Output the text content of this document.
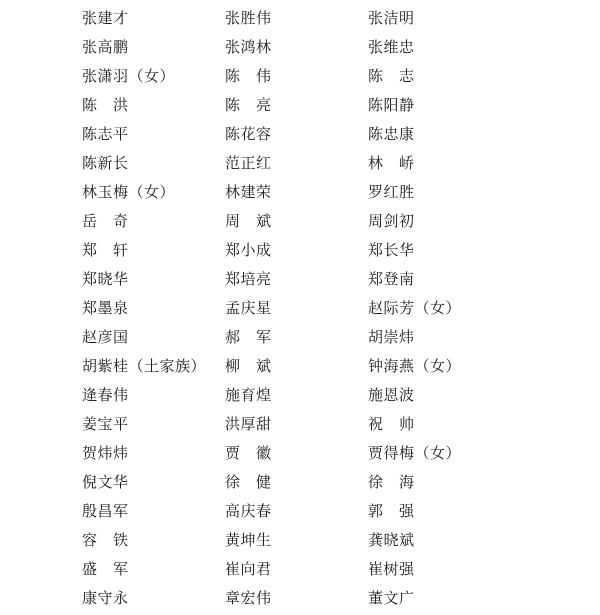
张建才	张胜伟	张洁明
张高鹏	张鸿林	张维忠
张潇羽（女）	陈　伟	陈　志
陈　洪	陈　亮	陈阳静
陈志平	陈花容	陈忠康
陈新长	范正红	林　峤
林玉梅（女）	林建荣	罗红胜
岳　奇	周　斌	周剑初
郑　轩	郑小成	郑长华
郑晓华	郑培亮	郑登南
郑墨泉	孟庆星	赵际芳（女）
赵彦国	郝　军	胡崇炜
胡紫桂（土家族）	柳　斌	钟海燕（女）
逄春伟	施育煌	施恩波
姜宝平	洪厚甜	祝　帅
贺炜炜	贾　徽	贾得梅（女）
倪文华	徐　健	徐　海
殷昌军	高庆春	郭　强
容　铁	黄坤生	龚晓斌
盛　军	崔向君	崔树强
康守永	章宏伟	董文广
